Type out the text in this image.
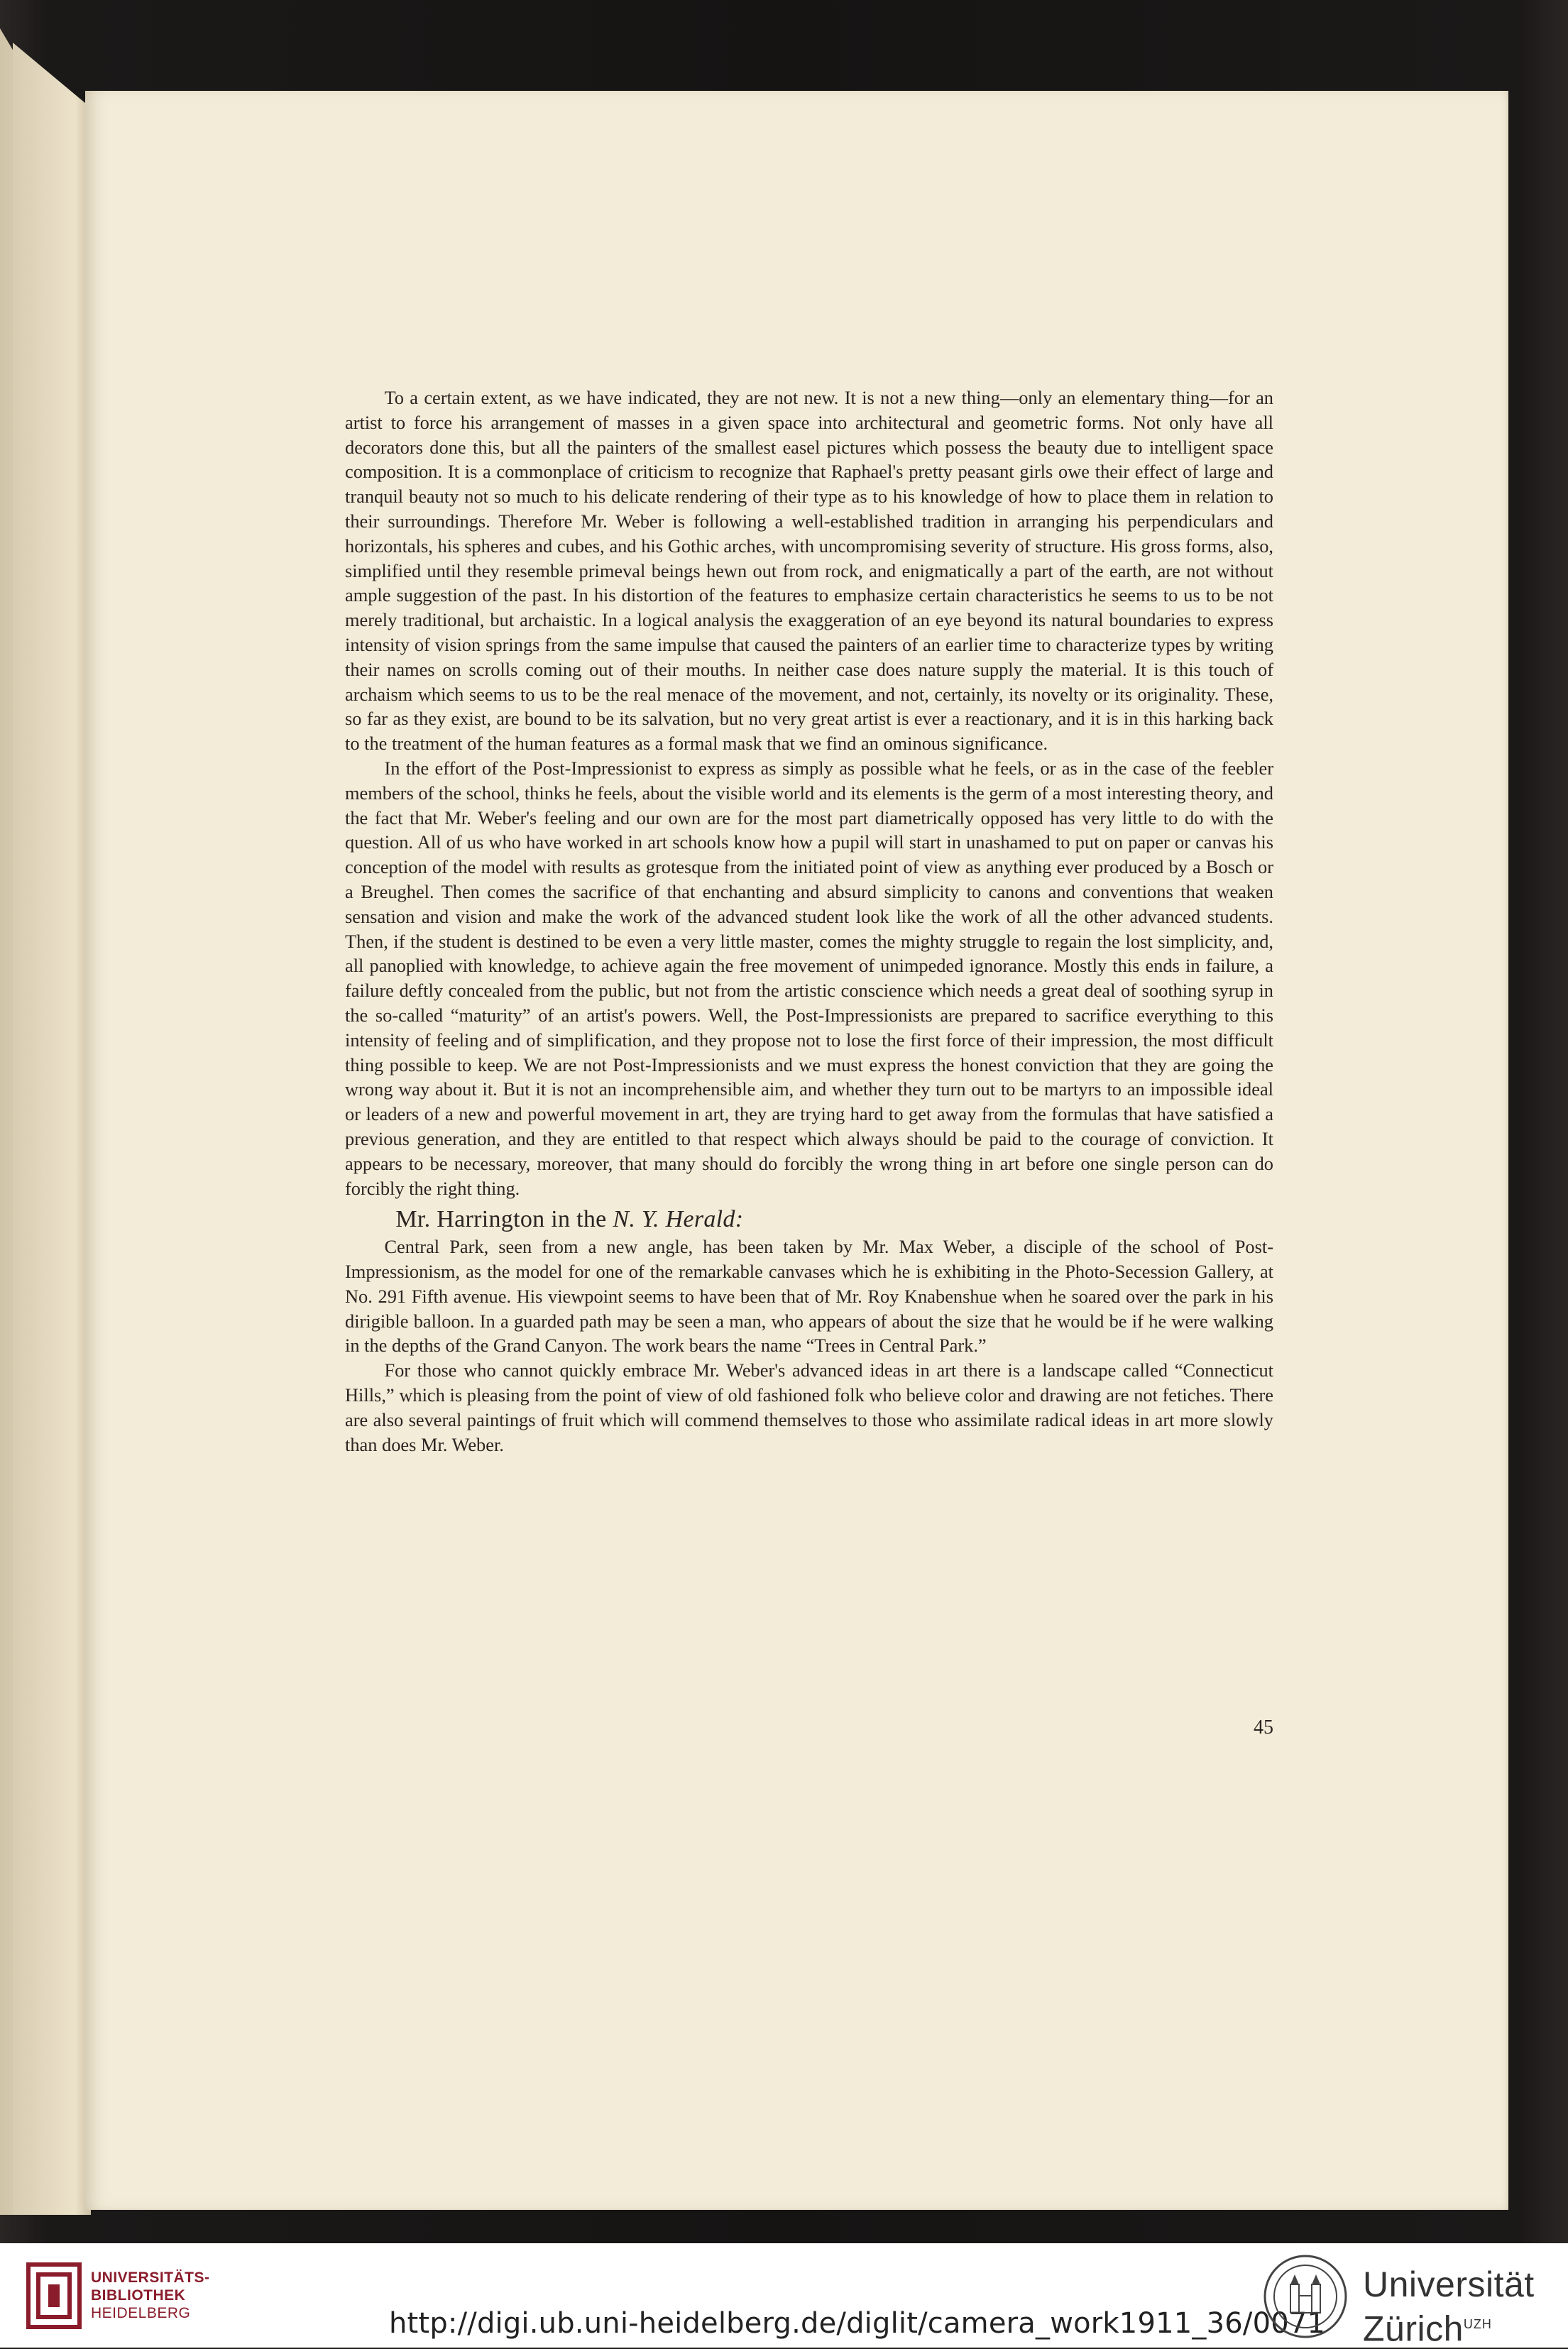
To a certain extent, as we have indicated, they are not new. It is not a new thing—only an elementary thing—for an artist to force his arrangement of masses in a given space into architectural and geometric forms. Not only have all decorators done this, but all the painters of the smallest easel pictures which possess the beauty due to intelligent space composition. It is a commonplace of criticism to recognize that Raphael's pretty peasant girls owe their effect of large and tranquil beauty not so much to his delicate rendering of their type as to his knowledge of how to place them in relation to their surroundings. Therefore Mr. Weber is following a well-established tradition in arranging his perpendiculars and horizontals, his spheres and cubes, and his Gothic arches, with uncompromising severity of structure. His gross forms, also, simplified until they resemble primeval beings hewn out from rock, and enigmatically a part of the earth, are not without ample suggestion of the past. In his distortion of the features to emphasize certain characteristics he seems to us to be not merely traditional, but archaistic. In a logical analysis the exaggeration of an eye beyond its natural boundaries to express intensity of vision springs from the same impulse that caused the painters of an earlier time to characterize types by writing their names on scrolls coming out of their mouths. In neither case does nature supply the material. It is this touch of archaism which seems to us to be the real menace of the movement, and not, certainly, its novelty or its originality. These, so far as they exist, are bound to be its salvation, but no very great artist is ever a reactionary, and it is in this harking back to the treatment of the human features as a formal mask that we find an ominous significance.

In the effort of the Post-Impressionist to express as simply as possible what he feels, or as in the case of the feebler members of the school, thinks he feels, about the visible world and its elements is the germ of a most interesting theory, and the fact that Mr. Weber's feeling and our own are for the most part diametrically opposed has very little to do with the question. All of us who have worked in art schools know how a pupil will start in unashamed to put on paper or canvas his conception of the model with results as grotesque from the initiated point of view as anything ever produced by a Bosch or a Breughel. Then comes the sacrifice of that enchanting and absurd simplicity to canons and conventions that weaken sensation and vision and make the work of the advanced student look like the work of all the other advanced students. Then, if the student is destined to be even a very little master, comes the mighty struggle to regain the lost simplicity, and, all panoplied with knowledge, to achieve again the free movement of unimpeded ignorance. Mostly this ends in failure, a failure deftly concealed from the public, but not from the artistic conscience which needs a great deal of soothing syrup in the so-called “maturity” of an artist's powers. Well, the Post-Impressionists are prepared to sacrifice everything to this intensity of feeling and of simplification, and they propose not to lose the first force of their impression, the most difficult thing possible to keep. We are not Post-Impressionists and we must express the honest conviction that they are going the wrong way about it. But it is not an incomprehensible aim, and whether they turn out to be martyrs to an impossible ideal or leaders of a new and powerful movement in art, they are trying hard to get away from the formulas that have satisfied a previous generation, and they are entitled to that respect which always should be paid to the courage of conviction. It appears to be necessary, moreover, that many should do forcibly the wrong thing in art before one single person can do forcibly the right thing.

Mr. Harrington in the N. Y. Herald:

Central Park, seen from a new angle, has been taken by Mr. Max Weber, a disciple of the school of Post-Impressionism, as the model for one of the remarkable canvases which he is exhibiting in the Photo-Secession Gallery, at No. 291 Fifth avenue. His viewpoint seems to have been that of Mr. Roy Knabenshue when he soared over the park in his dirigible balloon. In a guarded path may be seen a man, who appears of about the size that he would be if he were walking in the depths of the Grand Canyon. The work bears the name “Trees in Central Park.”

For those who cannot quickly embrace Mr. Weber's advanced ideas in art there is a landscape called “Connecticut Hills,” which is pleasing from the point of view of old fashioned folk who believe color and drawing are not fetiches. There are also several paintings of fruit which will commend themselves to those who assimilate radical ideas in art more slowly than does Mr. Weber.

45
UNIVERSITÄTS-
BIBLIOTHEK
HEIDELBERG	http://digi.ub.uni-heidelberg.de/diglit/camera_work1911_36/0071
Universität
Zürich$^{UZH}$
